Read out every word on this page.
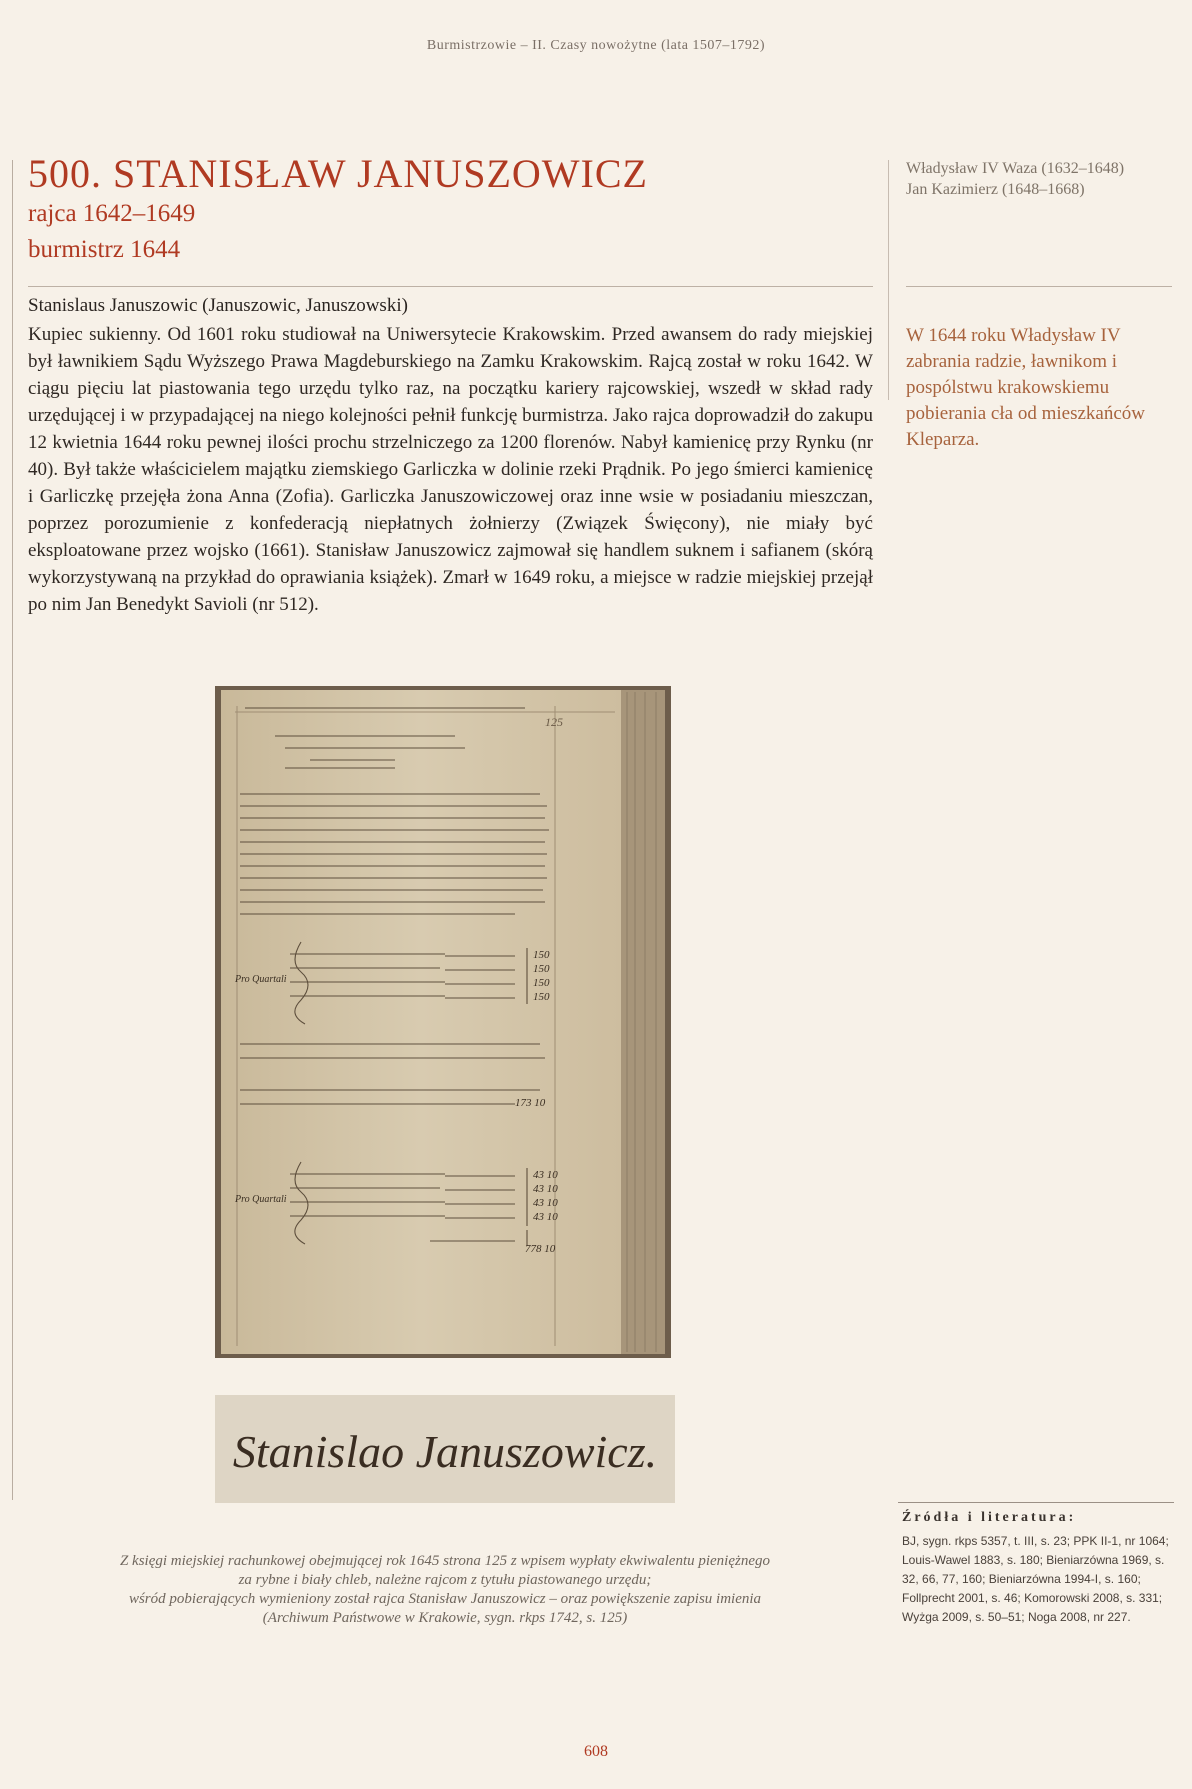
Burmistrzowie – II. Czasy nowożytne (lata 1507–1792)
500. STANISŁAW JANUSZOWICZ
rajca 1642–1649
burmistrz 1644
Władysław IV Waza (1632–1648)
Jan Kazimierz (1648–1668)
Stanislaus Januszowic (Januszowic, Januszowski)

Kupiec sukienny. Od 1601 roku studiował na Uniwersytecie Krakowskim. Przed awansem do rady miejskiej był ławnikiem Sądu Wyższego Prawa Magdeburskiego na Zamku Krakowskim. Rajcą został w roku 1642. W ciągu pięciu lat piastowania tego urzędu tylko raz, na początku kariery rajcowskiej, wszedł w skład rady urzędującej i w przypadającej na niego kolejności pełnił funkcję burmistrza. Jako rajca doprowadził do zakupu 12 kwietnia 1644 roku pewnej ilości prochu strzelniczego za 1200 florenów. Nabył kamienicę przy Rynku (nr 40). Był także właścicielem majątku ziemskiego Garliczka w dolinie rzeki Prądnik. Po jego śmierci kamienicę i Garliczkę przejęła żona Anna (Zofia). Garliczka Januszowiczowej oraz inne wsie w posiadaniu mieszczan, poprzez porozumienie z konfederacją niepłatnych żołnierzy (Związek Święcony), nie miały być eksploatowane przez wojsko (1661). Stanisław Januszowicz zajmował się handlem suknem i safianem (skórą wykorzystywaną na przykład do oprawiania książek). Zmarł w 1649 roku, a miejsce w radzie miejskiej przejął po nim Jan Benedykt Savioli (nr 512).

W 1644 roku Władysław IV zabrania radzie, ławnikom i pospólstwu krakowskiemu pobierania cła od mieszkańców Kleparza.

125
Pro Quartali
Pro Quartali
150
150
150
150
173 10
43 10
43 10
43 10
43 10
778 10
Stanislao Januszowicz.
Z księgi miejskiej rachunkowej obejmującej rok 1645 strona 125 z wpisem wypłaty ekwiwalentu pieniężnego
za rybne i biały chleb, należne rajcom z tytułu piastowanego urzędu;
wśród pobierających wymieniony został rajca Stanisław Januszowicz – oraz powiększenie zapisu imienia
(Archiwum Państwowe w Krakowie, sygn. rkps 1742, s. 125)
Źródła i literatura:

BJ, sygn. rkps 5357, t. III, s. 23; PPK II-1, nr 1064; Louis-Wawel 1883, s. 180; Bieniarzówna 1969, s. 32, 66, 77, 160; Bieniarzówna 1994-I, s. 160; Follprecht 2001, s. 46; Komorowski 2008, s. 331; Wyżga 2009, s. 50–51; Noga 2008, nr 227.

608
